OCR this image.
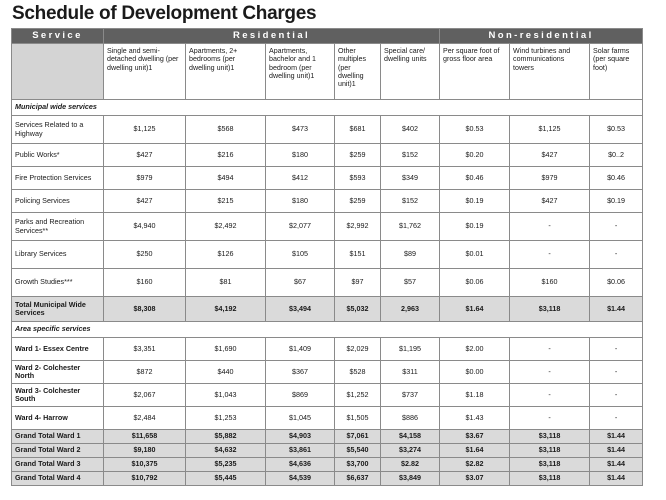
Schedule of Development Charges
Service	Residential					Non-residential		
	Single and semi-detached dwelling (per dwelling unit)1	Apartments, 2+ bedrooms (per dwelling unit)1	Apartments, bachelor and 1 bedroom (per dwelling unit)1	Other multiples (per dwelling unit)1	Special care/ dwelling units	Per square foot of gross floor area	Wind turbines and communications towers	Solar farms (per square foot)
Municipal wide services								
Services Related to a Highway	$1,125	$568	$473	$681	$402	$0.53	$1,125	$0.53
Public Works*	$427	$216	$180	$259	$152	$0.20	$427	$0..2
Fire Protection Services	$979	$494	$412	$593	$349	$0.46	$979	$0.46
Policing Services	$427	$215	$180	$259	$152	$0.19	$427	$0.19
Parks and Recreation Services**	$4,940	$2,492	$2,077	$2,992	$1,762	$0.19	-	-
Library Services	$250	$126	$105	$151	$89	$0.01	-	-
Growth Studies***	$160	$81	$67	$97	$57	$0.06	$160	$0.06
Total Municipal Wide Services	$8,308	$4,192	$3,494	$5,032	2,963	$1.64	$3,118	$1.44
Area specific services								
Ward 1- Essex Centre	$3,351	$1,690	$1,409	$2,029	$1,195	$2.00	-	-
Ward 2- Colchester North	$872	$440	$367	$528	$311	$0.00	-	-
Ward 3- Colchester South	$2,067	$1,043	$869	$1,252	$737	$1.18	-	-
Ward 4- Harrow	$2,484	$1,253	$1,045	$1,505	$886	$1.43	-	-
Grand Total Ward 1	$11,658	$5,882	$4,903	$7,061	$4,158	$3.67	$3,118	$1.44
Grand Total Ward 2	$9,180	$4,632	$3,861	$5,540	$3,274	$1.64	$3,118	$1.44
Grand Total Ward 3	$10,375	$5,235	$4,636	$3,700	$2.82	$2.82	$3,118	$1.44
Grand Total Ward 4	$10,792	$5,445	$4,539	$6,637	$3,849	$3.07	$3,118	$1.44
